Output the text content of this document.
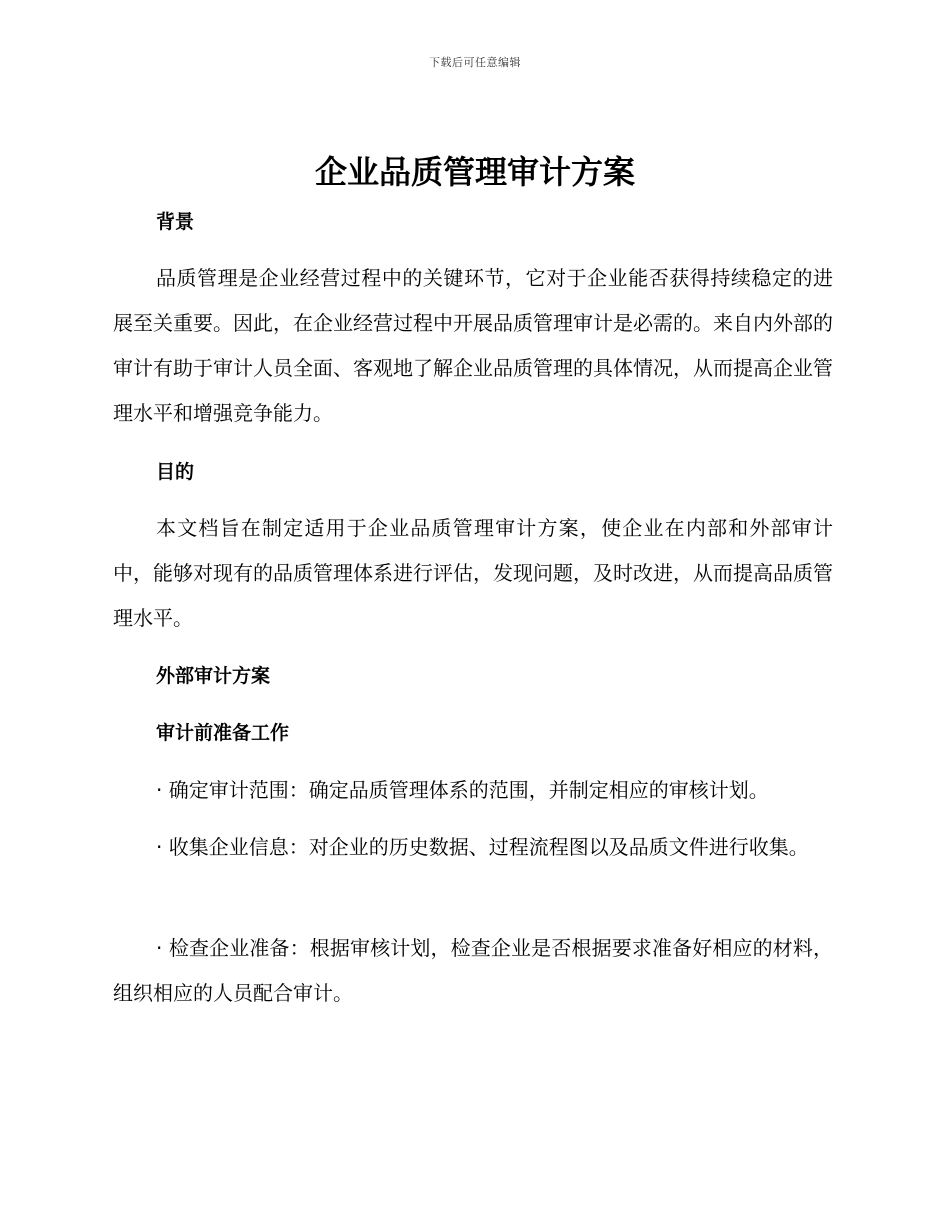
下载后可任意编辑
企业品质管理审计方案
背景

品质管理是企业经营过程中的关键环节，它对于企业能否获得持续稳定的进展至关重要。因此，在企业经营过程中开展品质管理审计是必需的。来自内外部的审计有助于审计人员全面、客观地了解企业品质管理的具体情况，从而提高企业管理水平和增强竞争能力。

目的

本文档旨在制定适用于企业品质管理审计方案，使企业在内部和外部审计中，能够对现有的品质管理体系进行评估，发现问题，及时改进，从而提高品质管理水平。

外部审计方案
审计前准备工作

· 确定审计范围：确定品质管理体系的范围，并制定相应的审核计划。

· 收集企业信息：对企业的历史数据、过程流程图以及品质文件进行收集。

· 检查企业准备：根据审核计划，检查企业是否根据要求准备好相应的材料，组织相应的人员配合审计。
